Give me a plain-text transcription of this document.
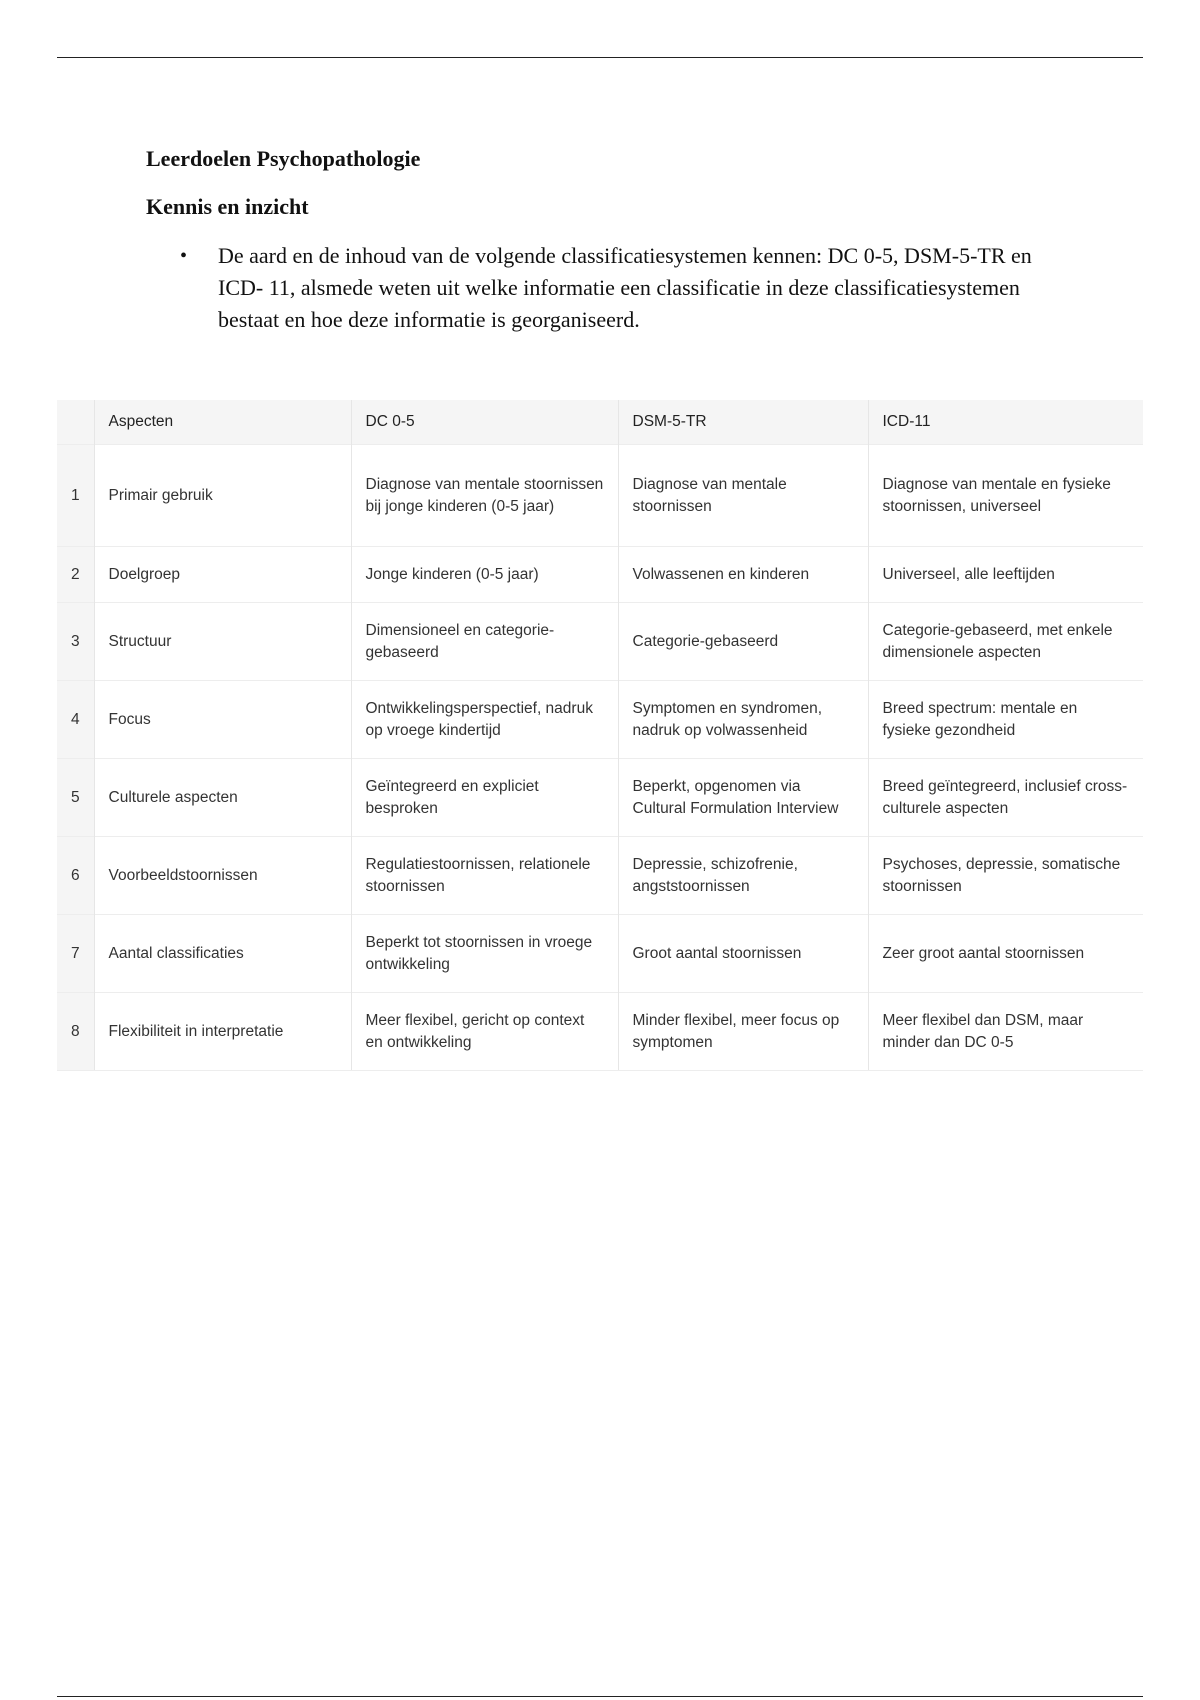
Leerdoelen Psychopathologie
Kennis en inzicht
• De aard en de inhoud van de volgende classificatiesystemen kennen: DC 0-5, DSM-5-TR en ICD- 11, alsmede weten uit welke informatie een classificatie in deze classificatiesystemen bestaat en hoe deze informatie is georganiseerd.
	Aspecten	DC 0-5	DSM-5-TR	ICD-11
1	Primair gebruik	Diagnose van mentale stoornissen bij jonge kinderen (0-5 jaar)	Diagnose van mentale stoornissen	Diagnose van mentale en fysieke stoornissen, universeel
2	Doelgroep	Jonge kinderen (0-5 jaar)	Volwassenen en kinderen	Universeel, alle leeftijden
3	Structuur	Dimensioneel en categorie-gebaseerd	Categorie-gebaseerd	Categorie-gebaseerd, met enkele dimensionele aspecten
4	Focus	Ontwikkelingsperspectief, nadruk op vroege kindertijd	Symptomen en syndromen, nadruk op volwassenheid	Breed spectrum: mentale en fysieke gezondheid
5	Culturele aspecten	Geïntegreerd en expliciet besproken	Beperkt, opgenomen via Cultural Formulation Interview	Breed geïntegreerd, inclusief cross-culturele aspecten
6	Voorbeeldstoornissen	Regulatiestoornissen, relationele stoornissen	Depressie, schizofrenie, angststoornissen	Psychoses, depressie, somatische stoornissen
7	Aantal classificaties	Beperkt tot stoornissen in vroege ontwikkeling	Groot aantal stoornissen	Zeer groot aantal stoornissen
8	Flexibiliteit in interpretatie	Meer flexibel, gericht op context en ontwikkeling	Minder flexibel, meer focus op symptomen	Meer flexibel dan DSM, maar minder dan DC 0-5
